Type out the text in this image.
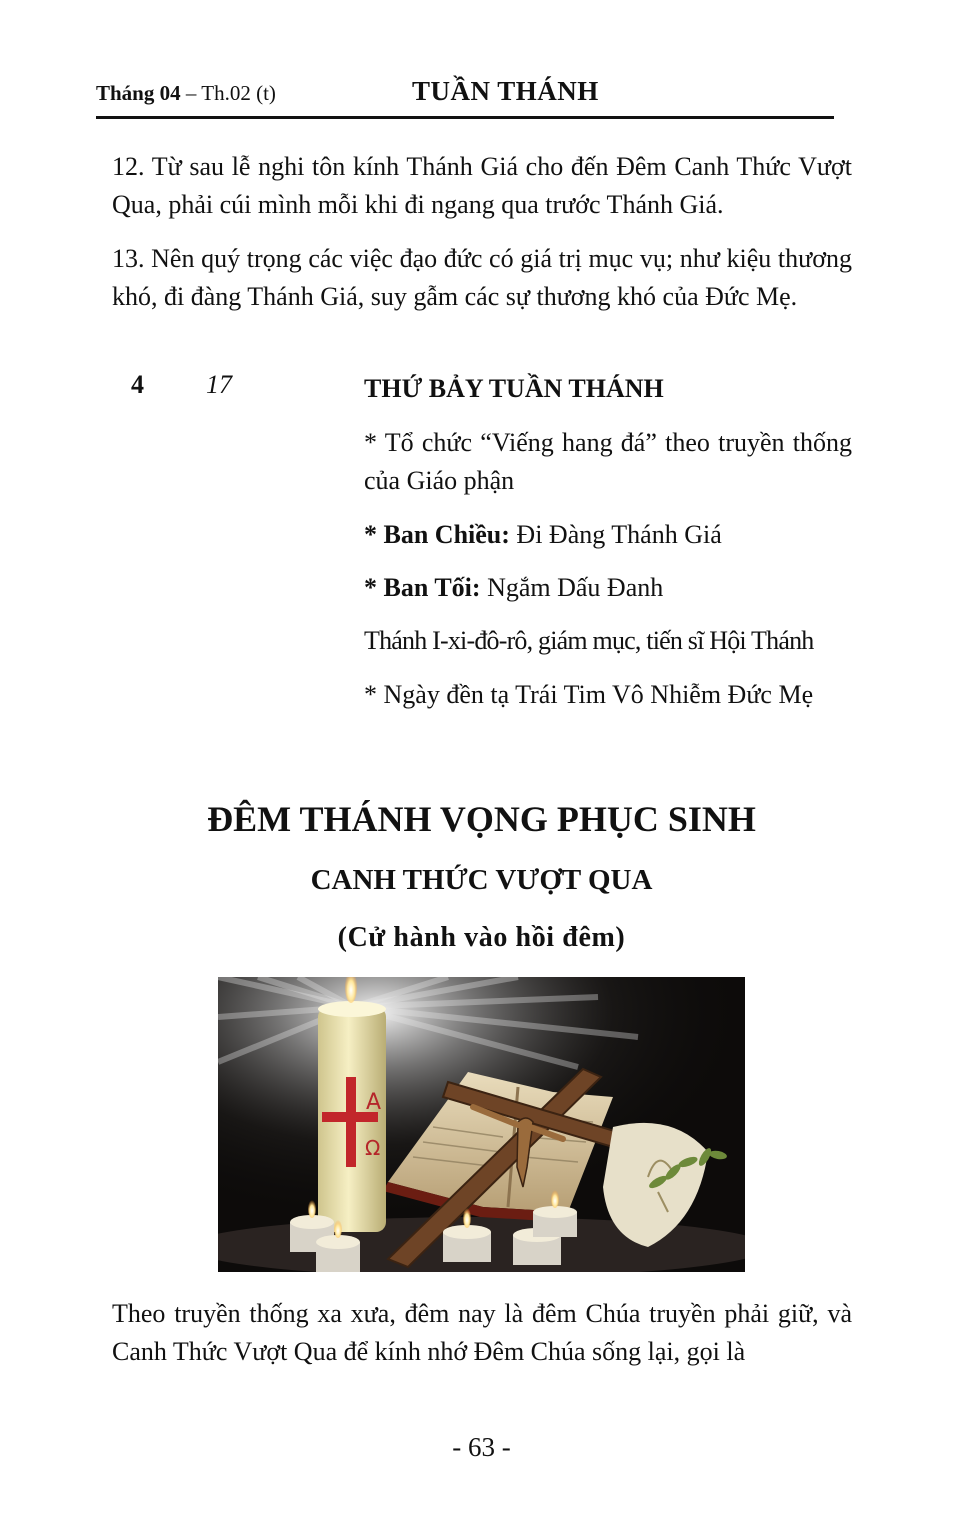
Tháng 04 – Th.02 (t)	TUẦN THÁNH
12. Từ sau lễ nghi tôn kính Thánh Giá cho đến Đêm Canh Thức Vượt Qua, phải cúi mình mỗi khi đi ngang qua trước Thánh Giá.
13. Nên quý trọng các việc đạo đức có giá trị mục vụ; như kiệu thương khó, đi đàng Thánh Giá, suy gẫm các sự thương khó của Đức Mẹ.
4 17	THỨ BẢY TUẦN THÁNH
* Tổ chức “Viếng hang đá” theo truyền thống của Giáo phận
* Ban Chiều: Đi Đàng Thánh Giá
* Ban Tối: Ngắm Dấu Đanh
Thánh I-xi-đô-rô, giám mục, tiến sĩ Hội Thánh
* Ngày đền tạ Trái Tim Vô Nhiễm Đức Mẹ
ĐÊM THÁNH VỌNG PHỤC SINH
CANH THỨC VƯỢT QUA
(Cử hành vào hồi đêm)
A
Ω
Theo truyền thống xa xưa, đêm nay là đêm Chúa truyền phải giữ, và Canh Thức Vượt Qua để kính nhớ Đêm Chúa sống lại, gọi là
- 63 -
